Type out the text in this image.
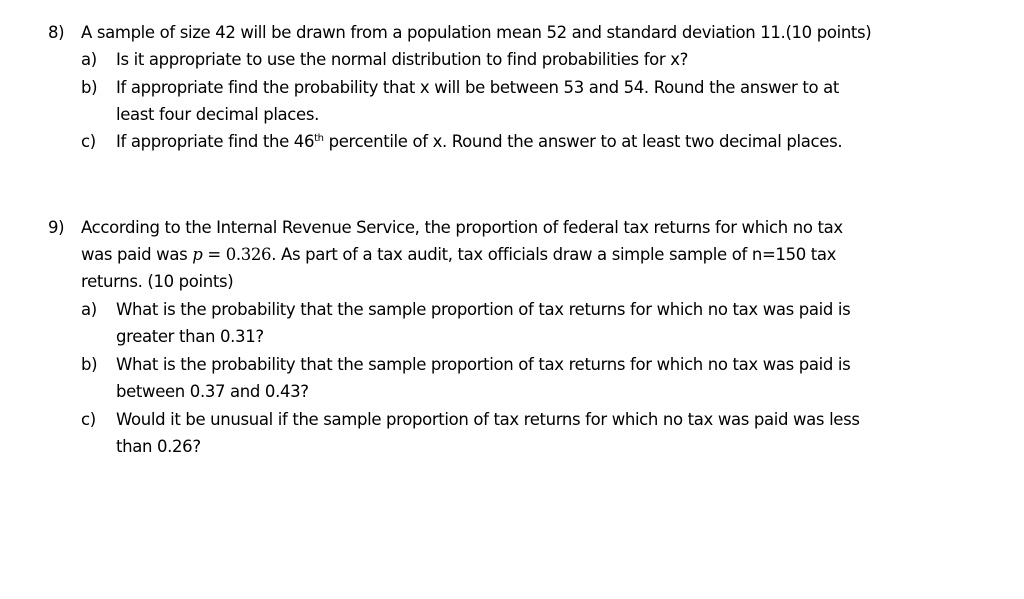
8) A sample of size 42 will be drawn from a population mean 52 and standard deviation 11.(10 points)
a) Is it appropriate to use the normal distribution to find probabilities for x?
b) If appropriate find the probability that x will be between 53 and 54. Round the answer to at
least four decimal places.
c) If appropriate find the 46th percentile of x. Round the answer to at least two decimal places.
9) According to the Internal Revenue Service, the proportion of federal tax returns for which no tax
was paid was p = 0.326. As part of a tax audit, tax officials draw a simple sample of n=150 tax
returns. (10 points)
a) What is the probability that the sample proportion of tax returns for which no tax was paid is
greater than 0.31?
b) What is the probability that the sample proportion of tax returns for which no tax was paid is
between 0.37 and 0.43?
c) Would it be unusual if the sample proportion of tax returns for which no tax was paid was less
than 0.26?
